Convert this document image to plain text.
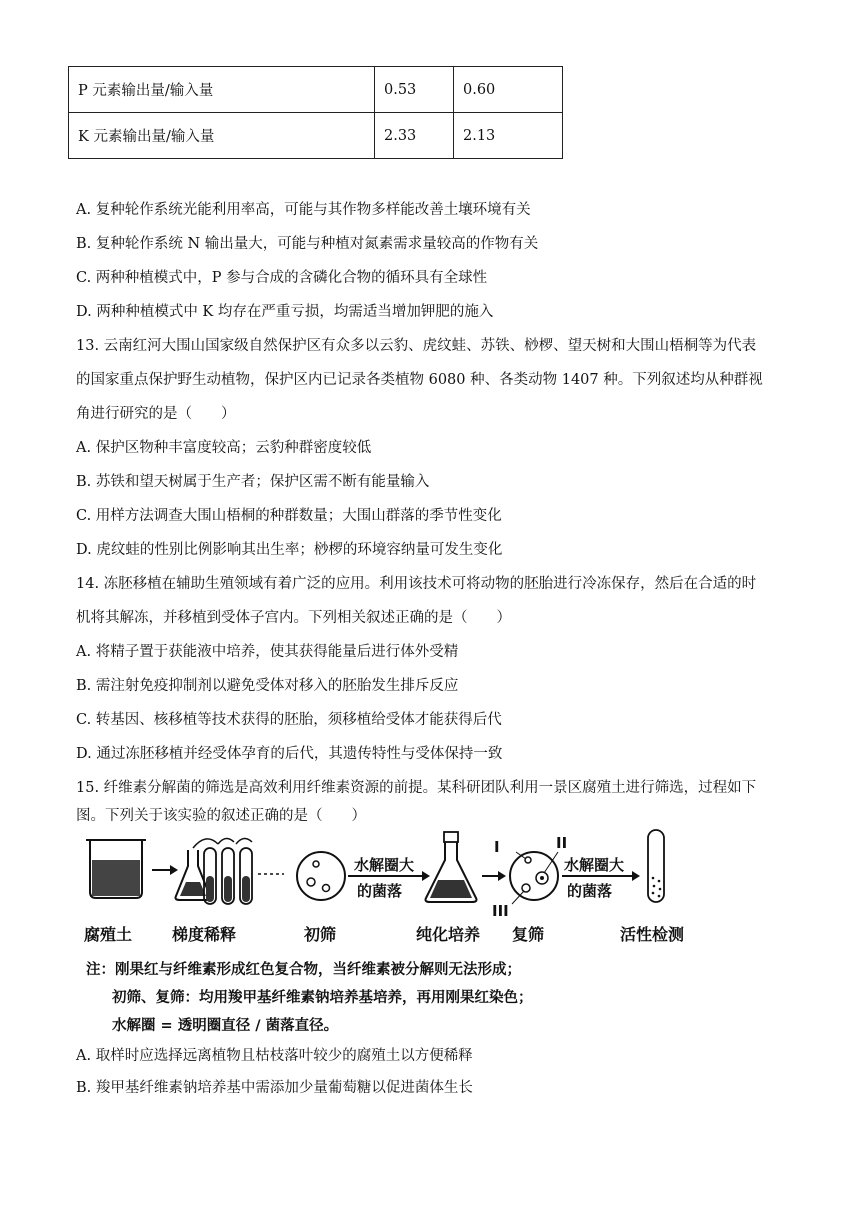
P 元素输出量/输入量	0.53	0.60
K 元素输出量/输入量	2.33	2.13
A. 复种轮作系统光能利用率高，可能与其作物多样能改善土壤环境有关
B. 复种轮作系统 N 输出量大，可能与种植对氮素需求量较高的作物有关
C. 两种种植模式中，P 参与合成的含磷化合物的循环具有全球性
D. 两种种植模式中 K 均存在严重亏损，均需适当增加钾肥的施入
13. 云南红河大围山国家级自然保护区有众多以云豹、虎纹蛙、苏铁、桫椤、望天树和大围山梧桐等为代表
的国家重点保护野生动植物，保护区内已记录各类植物 6080 种、各类动物 1407 种。下列叙述均从种群视
角进行研究的是（　　）
A. 保护区物种丰富度较高；云豹种群密度较低
B. 苏铁和望天树属于生产者；保护区需不断有能量输入
C. 用样方法调查大围山梧桐的种群数量；大围山群落的季节性变化
D. 虎纹蛙的性别比例影响其出生率；桫椤的环境容纳量可发生变化
14. 冻胚移植在辅助生殖领域有着广泛的应用。利用该技术可将动物的胚胎进行冷冻保存，然后在合适的时
机将其解冻，并移植到受体子宫内。下列相关叙述正确的是（　　）
A. 将精子置于获能液中培养，使其获得能量后进行体外受精
B. 需注射免疫抑制剂以避免受体对移入的胚胎发生排斥反应
C. 转基因、核移植等技术获得的胚胎，须移植给受体才能获得后代
D. 通过冻胚移植并经受体孕育的后代，其遗传特性与受体保持一致
15. 纤维素分解菌的筛选是高效利用纤维素资源的前提。某科研团队利用一景区腐殖土进行筛选，过程如下
图。下列关于该实验的叙述正确的是（　　）
水解圈大
的菌落
I	II
III
水解圈大
的菌落
腐殖土 梯度稀释	初筛	纯化培养 复筛	活性检测
注：刚果红与纤维素形成红色复合物，当纤维素被分解则无法形成；
初筛、复筛：均用羧甲基纤维素钠培养基培养，再用刚果红染色；
水解圈 = 透明圈直径 / 菌落直径。
A. 取样时应选择远离植物且枯枝落叶较少的腐殖土以方便稀释
B. 羧甲基纤维素钠培养基中需添加少量葡萄糖以促进菌体生长
